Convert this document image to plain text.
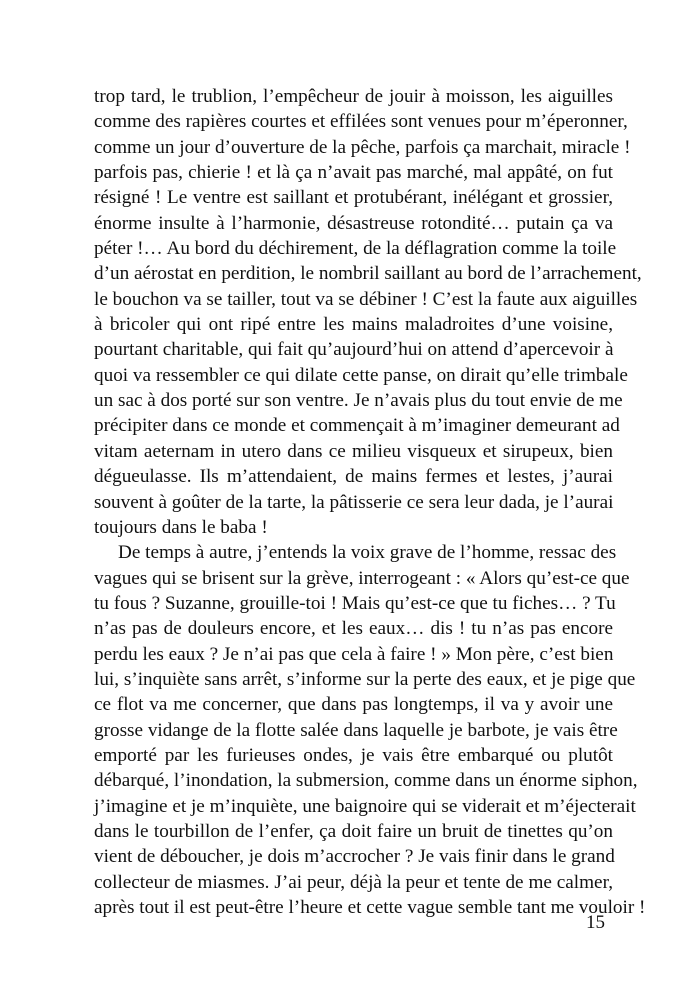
trop tard, le trublion, l’empêcheur de jouir à moisson, les aiguilles
comme des rapières courtes et effilées sont venues pour m’éperonner,
comme un jour d’ouverture de la pêche, parfois ça marchait, miracle !
parfois pas, chierie ! et là ça n’avait pas marché, mal appâté, on fut
résigné ! Le ventre est saillant et protubérant, inélégant et grossier,
énorme insulte à l’harmonie, désastreuse rotondité… putain ça va
péter !… Au bord du déchirement, de la déflagration comme la toile
d’un aérostat en perdition, le nombril saillant au bord de l’arrachement,
le bouchon va se tailler, tout va se débiner ! C’est la faute aux aiguilles
à bricoler qui ont ripé entre les mains maladroites d’une voisine,
pourtant charitable, qui fait qu’aujourd’hui on attend d’apercevoir à
quoi va ressembler ce qui dilate cette panse, on dirait qu’elle trimbale
un sac à dos porté sur son ventre. Je n’avais plus du tout envie de me
précipiter dans ce monde et commençait à m’imaginer demeurant ad
vitam aeternam in utero dans ce milieu visqueux et sirupeux, bien
dégueulasse. Ils m’attendaient, de mains fermes et lestes, j’aurai
souvent à goûter de la tarte, la pâtisserie ce sera leur dada, je l’aurai
toujours dans le baba !
De temps à autre, j’entends la voix grave de l’homme, ressac des
vagues qui se brisent sur la grève, interrogeant : « Alors qu’est-ce que
tu fous ? Suzanne, grouille-toi ! Mais qu’est-ce que tu fiches… ? Tu
n’as pas de douleurs encore, et les eaux… dis ! tu n’as pas encore
perdu les eaux ? Je n’ai pas que cela à faire ! » Mon père, c’est bien
lui, s’inquiète sans arrêt, s’informe sur la perte des eaux, et je pige que
ce flot va me concerner, que dans pas longtemps, il va y avoir une
grosse vidange de la flotte salée dans laquelle je barbote, je vais être
emporté par les furieuses ondes, je vais être embarqué ou plutôt
débarqué, l’inondation, la submersion, comme dans un énorme siphon,
j’imagine et je m’inquiète, une baignoire qui se viderait et m’éjecterait
dans le tourbillon de l’enfer, ça doit faire un bruit de tinettes qu’on
vient de déboucher, je dois m’accrocher ? Je vais finir dans le grand
collecteur de miasmes. J’ai peur, déjà la peur et tente de me calmer,
après tout il est peut-être l’heure et cette vague semble tant me vouloir !
15
